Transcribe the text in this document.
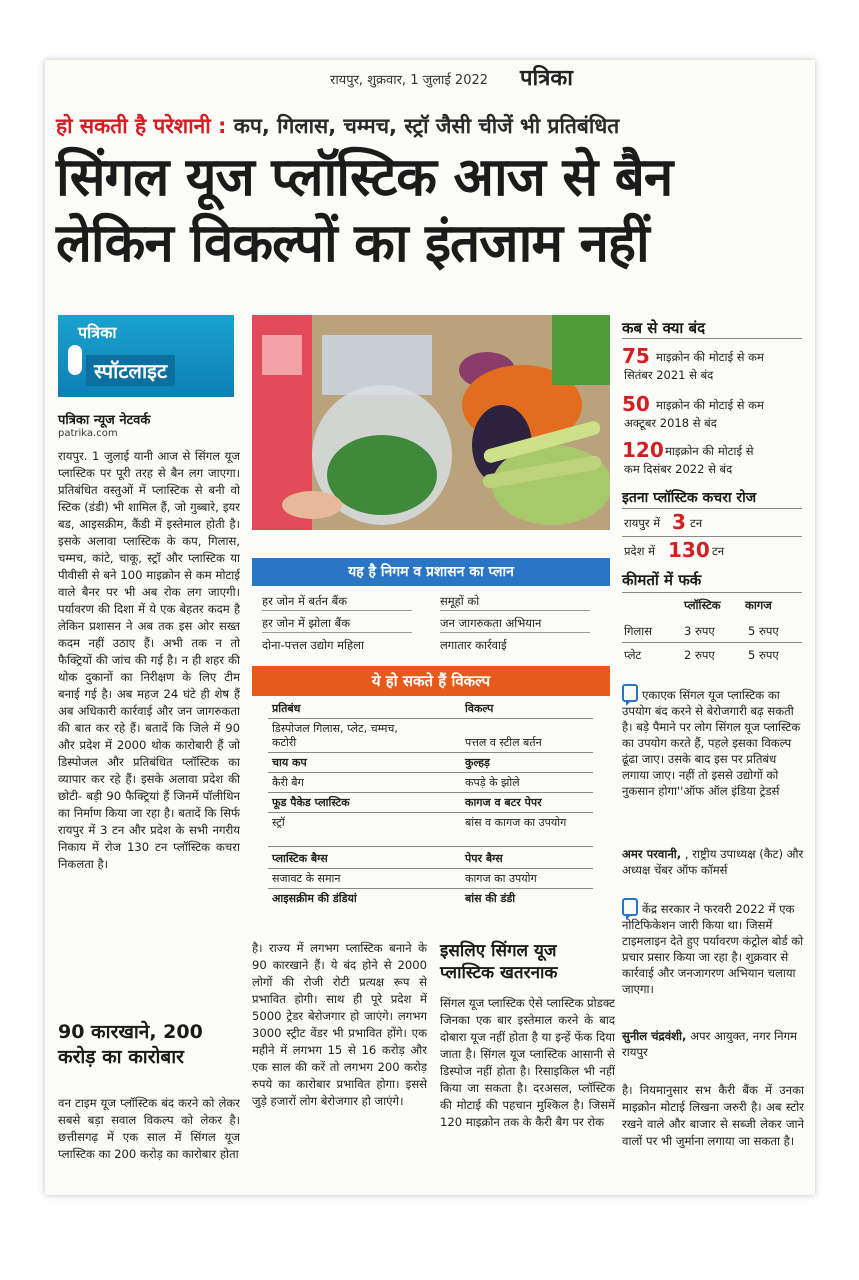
रायपुर, शुक्रवार, 1 जुलाई 2022 पत्रिका
हो सकती है परेशानी : कप, गिलास, चम्मच, स्ट्रॉ जैसी चीजें भी प्रतिबंधित
सिंगल यूज प्लॉस्टिक आज से बैन
लेकिन विकल्पों का इंतजाम नहीं
पत्रिका
स्पॉटलाइट
पत्रिका न्यूज नेटवर्क
patrika.com
रायपुर. 1 जुलाई यानी आज से सिंगल यूज प्लास्टिक पर पूरी तरह से बैन लग जाएगा। प्रतिबंधित वस्तुओं में प्लास्टिक से बनी वो स्टिक (डंडी) भी शामिल हैं, जो गुब्बारे, इयर बड, आइसक्रीम, कैंडी में इस्तेमाल होती है। इसके अलावा प्लास्टिक के कप, गिलास, चम्मच, कांटे, चाकू, स्ट्रॉ और प्लास्टिक या पीवीसी से बने 100 माइक्रोन से कम मोटाई वाले बैनर पर भी अब रोक लग जाएगी। पर्यावरण की दिशा में ये एक बेहतर कदम है लेकिन प्रशासन ने अब तक इस ओर सख्त कदम नहीं उठाए हैं। अभी तक न तो फैक्ट्रियों की जांच की गई है। न ही शहर की थोक दुकानों का निरीक्षण के लिए टीम बनाई गई है। अब महज 24 घंटे ही शेष हैं अब अधिकारी कार्रवाई और जन जागरुकता की बात कर रहे हैं। बतादें कि जिले में 90 और प्रदेश में 2000 थोक कारोबारी हैं जो डिस्पोजल और प्रतिबंधित प्लॉस्टिक का व्यापार कर रहे हैं। इसके अलावा प्रदेश की छोटी- बड़ी 90 फैक्ट्रियां हैं जिनमें पॉलीथिन का निर्माण किया जा रहा है। बतादें कि सिर्फ रायपुर में 3 टन और प्रदेश के सभी नगरीय निकाय में रोज 130 टन प्लॉस्टिक कचरा निकलता है।
90 कारखाने, 200 करोड़ का कारोबार
वन टाइम यूज प्लॉस्टिक बंद करने को लेकर सबसे बड़ा सवाल विकल्प को लेकर है। छत्तीसगढ़ में एक साल में सिंगल यूज प्लास्टिक का 200 करोड़ का कारोबार होता
यह है निगम व प्रशासन का प्लान
हर जोन में बर्तन बैंक	समूहों को
हर जोन में झोला बैंक	जन जागरुकता अभियान
दोना-पत्तल उद्योग महिला	लगातार कार्रवाई
ये हो सकते हैं विकल्प
प्रतिबंध	विकल्प
डिस्पोजल गिलास, प्लेट, चम्मच, कटोरी	पत्तल व स्टील बर्तन
चाय कप	कुल्हड़
कैरी बैग	कपड़े के झोले
फूड पैकेड प्लास्टिक	कागज व बटर पेपर
स्ट्रॉ	बांस व कागज का उपयोग
प्लास्टिक बैग्स	पेपर बैग्स
सजावट के समान	कागज का उपयोग
आइसक्रीम की डंडियां	बांस की डंडी
है। राज्य में लगभग प्लास्टिक बनाने के 90 कारखाने हैं। ये बंद होने से 2000 लोगों की रोजी रोटी प्रत्यक्ष रूप से प्रभावित होगी। साथ ही पूरे प्रदेश में 5000 ट्रेडर बेरोजगार हो जाएंगे। लगभग 3000 स्ट्रीट वेंडर भी प्रभावित होंगे। एक महीने में लगभग 15 से 16 करोड़ और एक साल की करें तो लगभग 200 करोड़ रुपये का कारोबार प्रभावित होगा। इससे जुड़े हजारों लोग बेरोजगार हो जाएंगे।
इसलिए सिंगल यूज प्लास्टिक खतरनाक
सिंगल यूज प्लास्टिक ऐसे प्लास्टिक प्रोडक्ट जिनका एक बार इस्तेमाल करने के बाद दोबारा यूज नहीं होता है या इन्हें फेंक दिया जाता है। सिंगल यूज प्लास्टिक आसानी से डिस्पोज नहीं होता है। रिसाइकिल भी नहीं किया जा सकता है। दरअसल, प्लॉस्टिक की मोटाई की पहचान मुश्किल है। जिसमें 120 माइक्रोन तक के कैरी बैग पर रोक
कब से क्या बंद
75 माइक्रोन की मोटाई से कम
सितंबर 2021 से बंद
50 माइक्रोन की मोटाई से कम
अक्टूबर 2018 से बंद
120 माइक्रोन की मोटाई से
कम दिसंबर 2022 से बंद
इतना प्लॉस्टिक कचरा रोज
रायपुर में 3 टन
प्रदेश में 130 टन
कीमतों में फर्क
प्लॉस्टिक कागज
गिलास	3 रुपए	5 रुपए
प्लेट	2 रुपए	5 रुपए
एकाएक सिंगल यूज प्लास्टिक का उपयोग बंद करने से बेरोजगारी बढ़ सकती है। बड़े पैमाने पर लोग सिंगल यूज प्लास्टिक का उपयोग करते हैं, पहले इसका विकल्प ढूंढा जाए। उसके बाद इस पर प्रतिबंध लगाया जाए। नहीं तो इससे उद्योगों को नुकसान होगा''ऑफ ऑल इंडिया ट्रेडर्स
अमर परवानी, , राष्ट्रीय उपाध्यक्ष (कैट) और अध्यक्ष चेंबर ऑफ कॉमर्स
केंद्र सरकार ने फरवरी 2022 में एक नोटिफिकेशन जारी किया था। जिसमें टाइमलाइन देते हुए पर्यावरण कंट्रोल बोर्ड को प्रचार प्रसार किया जा रहा है। शुक्रवार से कार्रवाई और जनजागरण अभियान चलाया जाएगा।
सुनील चंद्रवंशी, अपर आयुक्त, नगर निगम रायपुर
है। नियमानुसार सभ कैरी बैंक में उनका माइक्रोन मोटाई लिखना जरुरी है। अब स्टोर रखने वाले और बाजार से सब्जी लेकर जाने वालों पर भी जुर्माना लगाया जा सकता है।
